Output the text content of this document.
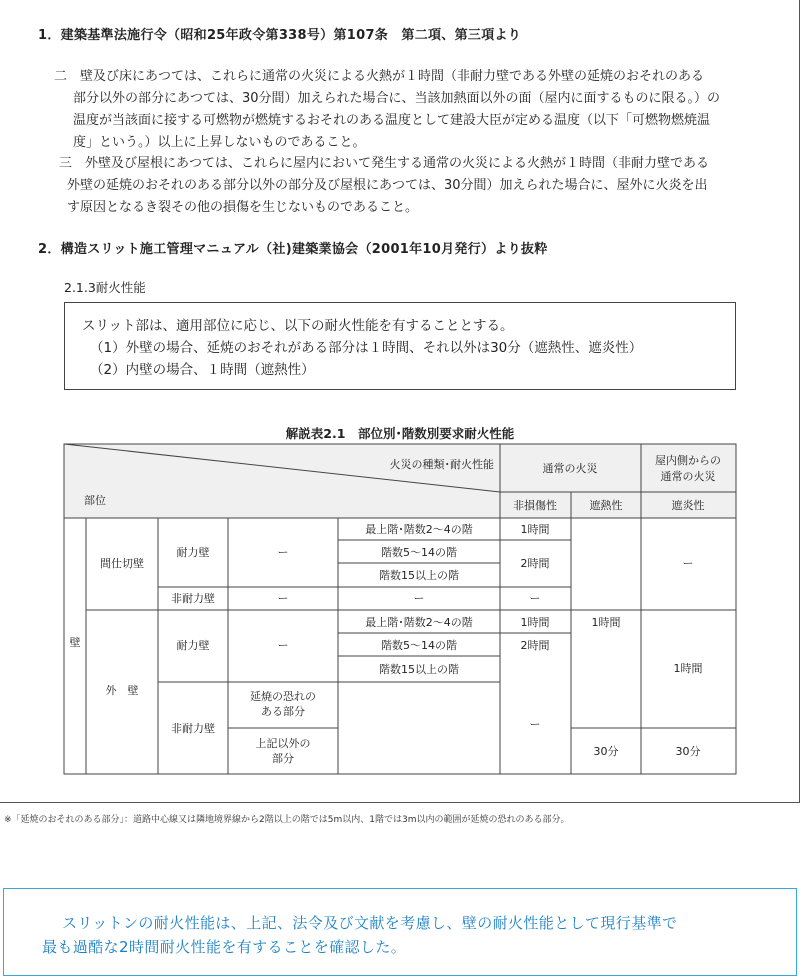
1．建築基準法施行令（昭和25年政令第338号）第107条　第二項、第三項より
二　 壁及び床にあつては、これらに通常の火災による火熱が１時間（非耐力壁である外壁の延焼のおそれのある
部分以外の部分にあつては、30分間）加えられた場合に、当該加熱面以外の面（屋内に面するものに限る。）の
温度が当該面に接する可燃物が燃焼するおそれのある温度として建設大臣が定める温度（以下「可燃物燃焼温
度」という。）以上に上昇しないものであること。
　三　 外壁及び屋根にあつては、これらに屋内において発生する通常の火災による火熱が１時間（非耐力壁である
外壁の延焼のおそれのある部分以外の部分及び屋根にあつては、30分間）加えられた場合に、屋外に火炎を出
す原因となるき裂その他の損傷を生じないものであること。
2．構造スリット施工管理マニュアル（社)建築業協会（2001年10月発行）より抜粋
2.1.3耐火性能
スリット部は、適用部位に応じ、以下の耐火性能を有することとする。
（1）外壁の場合、延焼のおそれがある部分は１時間、それ以外は30分（遮熱性、遮炎性）
（2）内壁の場合、１時間（遮熱性）
解説表2.1　部位別･階数別要求耐火性能
火災の種類･耐火性能
部位
通常の火災
屋内側からの
通常の火災
非損傷性	遮熱性	遮炎性
壁
間仕切壁
外　壁
耐力壁
非耐力壁
耐力壁
非耐力壁
ー
ー
ー
延焼の恐れの
ある部分
上記以外の
部分
最上階･階数2〜4の階
階数5〜14の階
階数15以上の階
ー
最上階･階数2〜4の階
階数5〜14の階
階数15以上の階
1時間
2時間
ー
1時間
2時間
ー
1時間
30分
ー
1時間
30分
※「延焼のおそれのある部分」：道路中心線又は隣地境界線から2階以上の階では5m以内、1階では3m以内の範囲が延焼の恐れのある部分。
スリットンの耐火性能は、上記、法令及び文献を考慮し、壁の耐火性能として現行基準で
最も過酷な2時間耐火性能を有することを確認した。
